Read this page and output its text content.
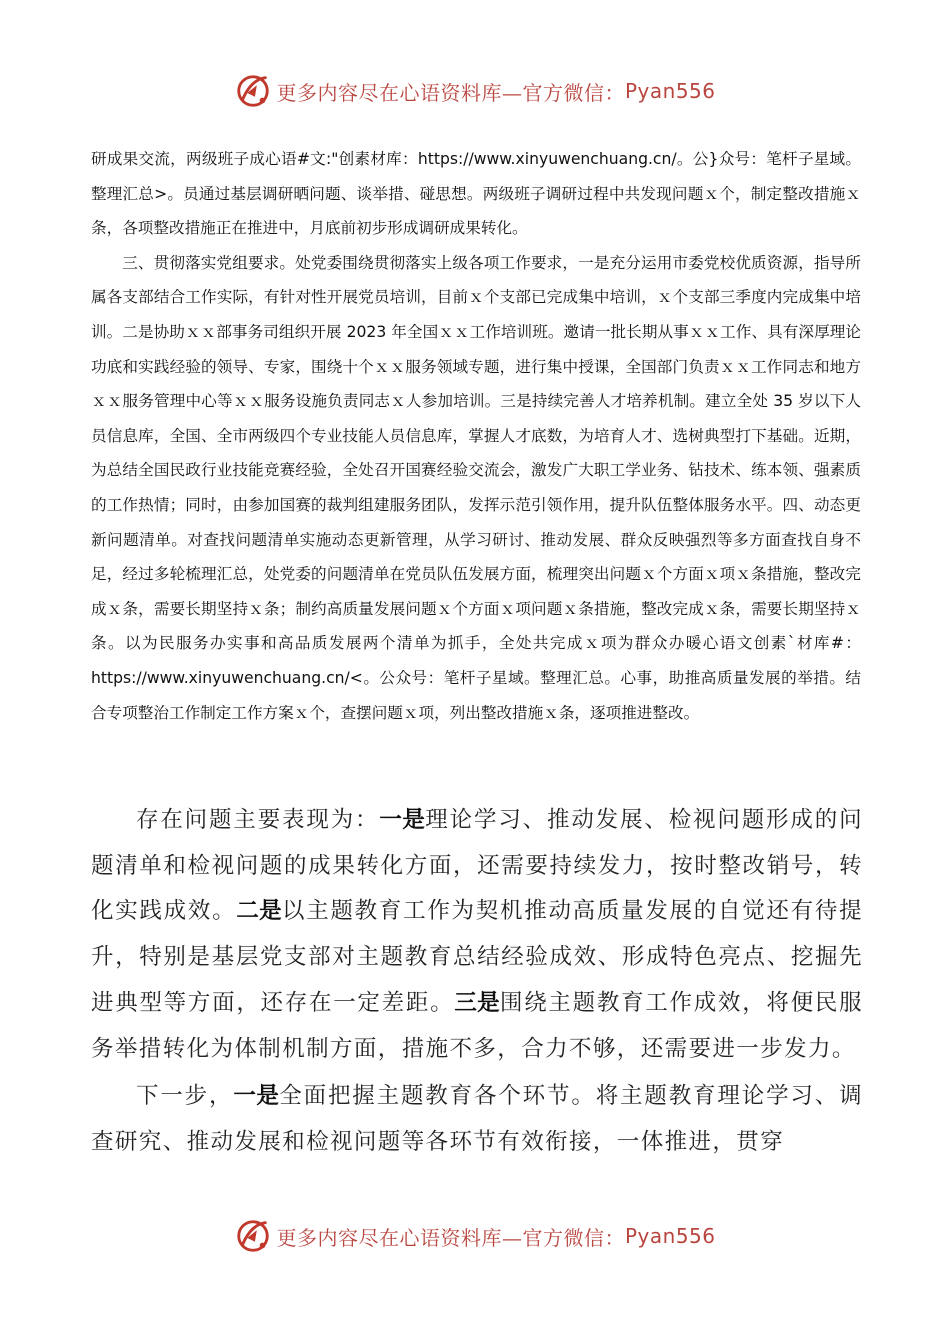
更多内容尽在心语资料库—官方微信： Pyan556

研成果交流，两级班子成心语#文:"创素材库：https://www.xinyuwenchuang.cn/。公}众号：笔杆子星域。整理汇总>。员通过基层调研晒问题、谈举措、碰思想。两级班子调研过程中共发现问题ｘ个，制定整改措施ｘ条，各项整改措施正在推进中，月底前初步形成调研成果转化。

三、贯彻落实党组要求。处党委围绕贯彻落实上级各项工作要求，一是充分运用市委党校优质资源，指导所属各支部结合工作实际，有针对性开展党员培训，目前ｘ个支部已完成集中培训，ｘ个支部三季度内完成集中培训。二是协助ｘｘ部事务司组织开展 2023 年全国ｘｘ工作培训班。邀请一批长期从事ｘｘ工作、具有深厚理论功底和实践经验的领导、专家，围绕十个ｘｘ服务领域专题，进行集中授课，全国部门负责ｘｘ工作同志和地方ｘｘ服务管理中心等ｘｘ服务设施负责同志ｘ人参加培训。三是持续完善人才培养机制。建立全处 35 岁以下人员信息库，全国、全市两级四个专业技能人员信息库，掌握人才底数，为培育人才、选树典型打下基础。近期，为总结全国民政行业技能竞赛经验，全处召开国赛经验交流会，激发广大职工学业务、钻技术、练本领、强素质的工作热情；同时，由参加国赛的裁判组建服务团队，发挥示范引领作用，提升队伍整体服务水平。四、动态更新问题清单。对查找问题清单实施动态更新管理，从学习研讨、推动发展、群众反映强烈等多方面查找自身不足，经过多轮梳理汇总，处党委的问题清单在党员队伍发展方面，梳理突出问题ｘ个方面ｘ项ｘ条措施，整改完成ｘ条，需要长期坚持ｘ条；制约高质量发展问题ｘ个方面ｘ项问题ｘ条措施，整改完成ｘ条，需要长期坚持ｘ条。以为民服务办实事和高品质发展两个清单为抓手，全处共完成ｘ项为群众办暖心语文创素`材库#：https://www.xinyuwenchuang.cn/<。公众号：笔杆子星域。整理汇总。心事，助推高质量发展的举措。结合专项整治工作制定工作方案ｘ个，查摆问题ｘ项，列出整改措施ｘ条，逐项推进整改。

存在问题主要表现为：一是理论学习、推动发展、检视问题形成的问题清单和检视问题的成果转化方面，还需要持续发力，按时整改销号，转化实践成效。二是以主题教育工作为契机推动高质量发展的自觉还有待提升，特别是基层党支部对主题教育总结经验成效、形成特色亮点、挖掘先进典型等方面，还存在一定差距。三是围绕主题教育工作成效，将便民服务举措转化为体制机制方面，措施不多，合力不够，还需要进一步发力。

下一步，一是全面把握主题教育各个环节。将主题教育理论学习、调查研究、推动发展和检视问题等各环节有效衔接，一体推进，贯穿

更多内容尽在心语资料库—官方微信： Pyan556
